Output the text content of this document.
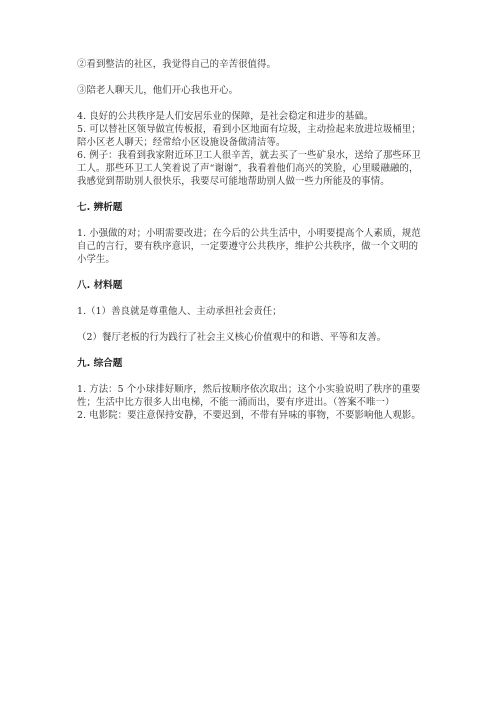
②看到整洁的社区，我觉得自己的辛苦很值得。

③陪老人聊天儿，他们开心我也开心。

4. 良好的公共秩序是人们安居乐业的保障，是社会稳定和进步的基础。

5. 可以替社区领导做宣传板报，看到小区地面有垃圾，主动捡起来放进垃圾桶里；陪小区老人聊天；经常给小区设施设备做清洁等。

6. 例子：我看到我家附近环卫工人很辛苦，就去买了一些矿泉水，送给了那些环卫工人。那些环卫工人笑着说了声“谢谢”，我看着他们高兴的笑脸，心里暖融融的，我感觉到帮助别人很快乐，我要尽可能地帮助别人做一些力所能及的事情。

七. 辨析题

1. 小强做的对；小明需要改进；在今后的公共生活中，小明要提高个人素质，规范自己的言行，要有秩序意识，一定要遵守公共秩序，维护公共秩序，做一个文明的小学生。

八. 材料题

1.（1）善良就是尊重他人、主动承担社会责任；

（2）餐厅老板的行为践行了社会主义核心价值观中的和谐、平等和友善。

九. 综合题

1. 方法：5 个小球排好顺序，然后按顺序依次取出；这个小实验说明了秩序的重要性；生活中比方很多人出电梯，不能一涌而出，要有序进出。（答案不唯一）

2. 电影院：要注意保持安静，不要迟到，不带有异味的事物，不要影响他人观影。
